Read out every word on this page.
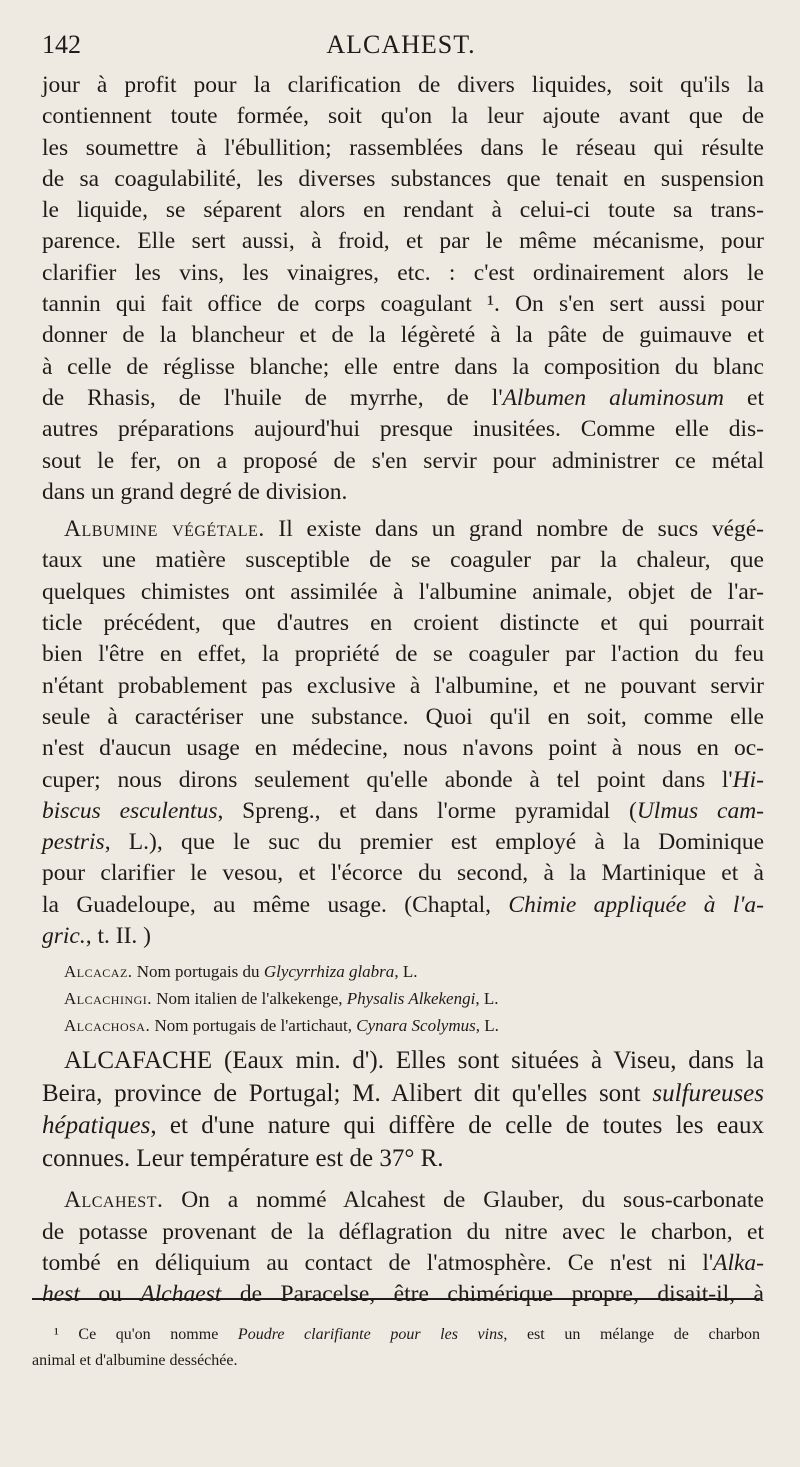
142	ALCAHEST.
jour à profit pour la clarification de divers liquides, soit qu'ils la
contiennent toute formée, soit qu'on la leur ajoute avant que de
les soumettre à l'ébullition; rassemblées dans le réseau qui résulte
de sa coagulabilité, les diverses substances que tenait en suspension
le liquide, se séparent alors en rendant à celui-ci toute sa trans-
parence. Elle sert aussi, à froid, et par le même mécanisme, pour
clarifier les vins, les vinaigres, etc. : c'est ordinairement alors le
tannin qui fait office de corps coagulant ¹. On s'en sert aussi pour
donner de la blancheur et de la légèreté à la pâte de guimauve et
à celle de réglisse blanche; elle entre dans la composition du blanc
de Rhasis, de l'huile de myrrhe, de l'Albumen aluminosum et
autres préparations aujourd'hui presque inusitées. Comme elle dis-
sout le fer, on a proposé de s'en servir pour administrer ce métal
dans un grand degré de division.
Albumine végétale. Il existe dans un grand nombre de sucs végé-
taux une matière susceptible de se coaguler par la chaleur, que
quelques chimistes ont assimilée à l'albumine animale, objet de l'ar-
ticle précédent, que d'autres en croient distincte et qui pourrait
bien l'être en effet, la propriété de se coaguler par l'action du feu
n'étant probablement pas exclusive à l'albumine, et ne pouvant servir
seule à caractériser une substance. Quoi qu'il en soit, comme elle
n'est d'aucun usage en médecine, nous n'avons point à nous en oc-
cuper; nous dirons seulement qu'elle abonde à tel point dans l'Hi-
biscus esculentus, Spreng., et dans l'orme pyramidal (Ulmus cam-
pestris, L.), que le suc du premier est employé à la Dominique
pour clarifier le vesou, et l'écorce du second, à la Martinique et à
la Guadeloupe, au même usage. (Chaptal, Chimie appliquée à l'a-
gric., t. II. )
Alcacaz. Nom portugais du Glycyrrhiza glabra, L.
Alcachingi. Nom italien de l'alkekenge, Physalis Alkekengi, L.
Alcachosa. Nom portugais de l'artichaut, Cynara Scolymus, L.
ALCAFACHE (Eaux min. d'). Elles sont situées à Viseu, dans la
Beira, province de Portugal; M. Alibert dit qu'elles sont sulfureuses
hépatiques, et d'une nature qui diffère de celle de toutes les eaux
connues. Leur température est de 37° R.
Alcahest. On a nommé Alcahest de Glauber, du sous-carbonate
de potasse provenant de la déflagration du nitre avec le charbon, et
tombé en déliquium au contact de l'atmosphère. Ce n'est ni l'Alka-
hest ou Alchaest de Paracelse, être chimérique propre, disait-il, à
¹ Ce qu'on nomme Poudre clarifiante pour les vins, est un mélange de charbon
animal et d'albumine desséchée.
